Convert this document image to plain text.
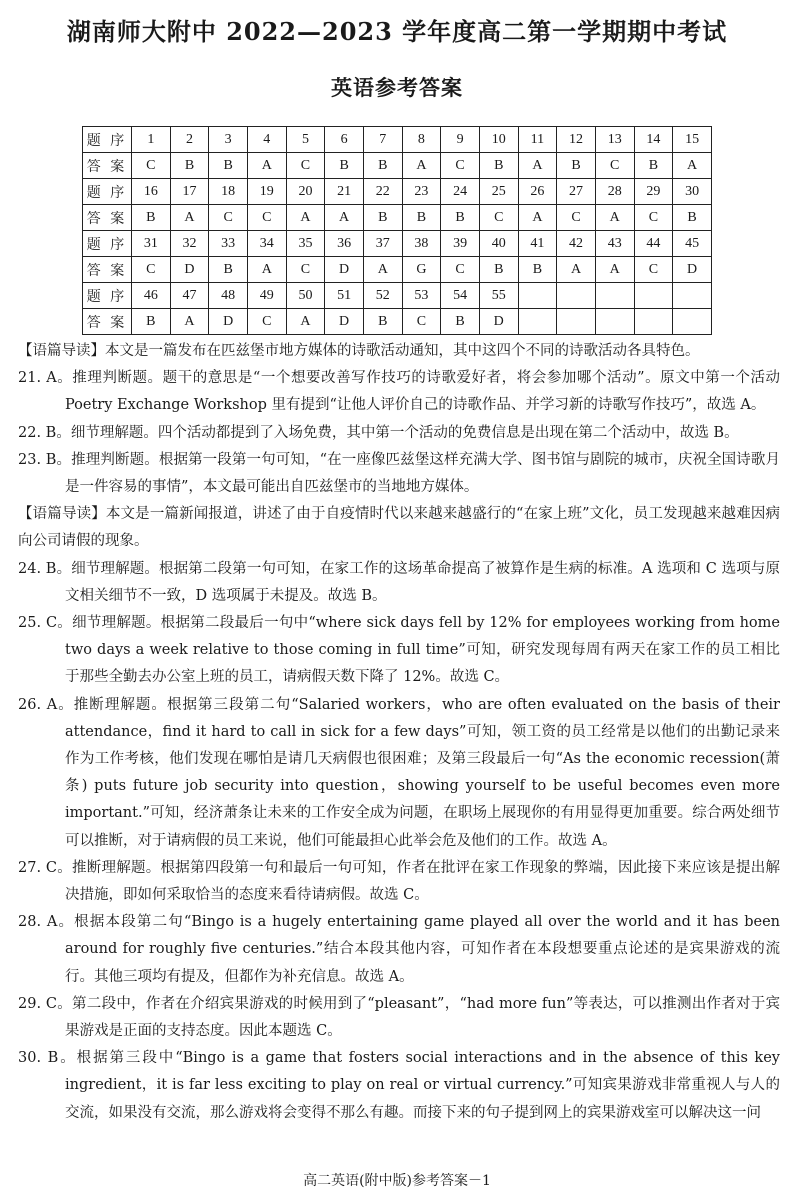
湖南师大附中 2022—2023 学年度高二第一学期期中考试
英语参考答案
题 序	1	2	3	4	5	6	7	8	9	10	11	12	13	14	15
答 案	C	B	B	A	C	B	B	A	C	B	A	B	C	B	A
题 序	16	17	18	19	20	21	22	23	24	25	26	27	28	29	30
答 案	B	A	C	C	A	A	B	B	B	C	A	C	A	C	B
题 序	31	32	33	34	35	36	37	38	39	40	41	42	43	44	45
答 案	C	D	B	A	C	D	A	G	C	B	B	A	A	C	D
题 序	46	47	48	49	50	51	52	53	54	55					
答 案	B	A	D	C	A	D	B	C	B	D					

【语篇导读】本文是一篇发布在匹兹堡市地方媒体的诗歌活动通知，其中这四个不同的诗歌活动各具特色。

21. A。推理判断题。题干的意思是“一个想要改善写作技巧的诗歌爱好者，将会参加哪个活动”。原文中第一个活动 Poetry Exchange Workshop 里有提到“让他人评价自己的诗歌作品、并学习新的诗歌写作技巧”，故选 A。

22. B。细节理解题。四个活动都提到了入场免费，其中第一个活动的免费信息是出现在第二个活动中，故选 B。

23. B。推理判断题。根据第一段第一句可知，“在一座像匹兹堡这样充满大学、图书馆与剧院的城市，庆祝全国诗歌月是一件容易的事情”，本文最可能出自匹兹堡市的当地地方媒体。

【语篇导读】本文是一篇新闻报道，讲述了由于自疫情时代以来越来越盛行的“在家上班”文化，员工发现越来越难因病向公司请假的现象。

24. B。细节理解题。根据第二段第一句可知，在家工作的这场革命提高了被算作是生病的标准。A 选项和 C 选项与原文相关细节不一致，D 选项属于未提及。故选 B。

25. C。细节理解题。根据第二段最后一句中“where sick days fell by 12% for employees working from home two days a week relative to those coming in full time”可知，研究发现每周有两天在家工作的员工相比于那些全勤去办公室上班的员工，请病假天数下降了 12%。故选 C。

26. A。推断理解题。根据第三段第二句“Salaried workers，who are often evaluated on the basis of their attendance，find it hard to call in sick for a few days”可知，领工资的员工经常是以他们的出勤记录来作为工作考核，他们发现在哪怕是请几天病假也很困难；及第三段最后一句“As the economic recession(萧条) puts future job security into question，showing yourself to be useful becomes even more important.”可知，经济萧条让未来的工作安全成为问题，在职场上展现你的有用显得更加重要。综合两处细节可以推断，对于请病假的员工来说，他们可能最担心此举会危及他们的工作。故选 A。

27. C。推断理解题。根据第四段第一句和最后一句可知，作者在批评在家工作现象的弊端，因此接下来应该是提出解决措施，即如何采取恰当的态度来看待请病假。故选 C。

28. A。根据本段第二句“Bingo is a hugely entertaining game played all over the world and it has been around for roughly five centuries.”结合本段其他内容，可知作者在本段想要重点论述的是宾果游戏的流行。其他三项均有提及，但都作为补充信息。故选 A。

29. C。第二段中，作者在介绍宾果游戏的时候用到了“pleasant”，“had more fun”等表达，可以推测出作者对于宾果游戏是正面的支持态度。因此本题选 C。

30. B。根据第三段中“Bingo is a game that fosters social interactions and in the absence of this key ingredient，it is far less exciting to play on real or virtual currency.”可知宾果游戏非常重视人与人的交流，如果没有交流，那么游戏将会变得不那么有趣。而接下来的句子提到网上的宾果游戏室可以解决这一问

高二英语(附中版)参考答案－1
